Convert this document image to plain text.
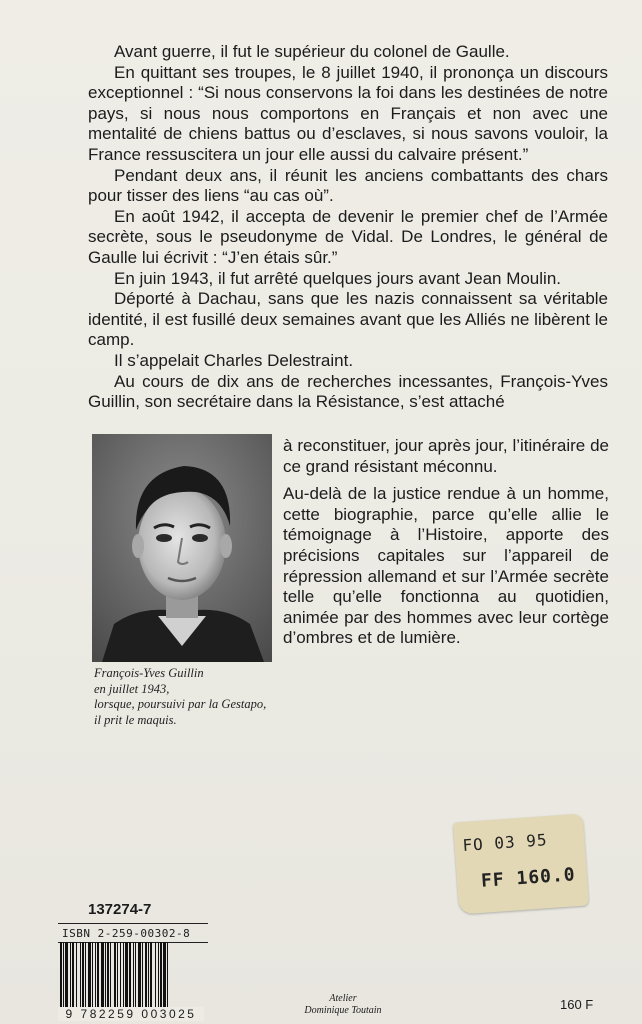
Avant guerre, il fut le supérieur du colonel de Gaulle.

En quittant ses troupes, le 8 juillet 1940, il prononça un discours exceptionnel : “Si nous conservons la foi dans les destinées de notre pays, si nous nous comportons en Français et non avec une mentalité de chiens battus ou d’esclaves, si nous savons vouloir, la France ressuscitera un jour elle aussi du calvaire présent.”

Pendant deux ans, il réunit les anciens combattants des chars pour tisser des liens “au cas où”.

En août 1942, il accepta de devenir le premier chef de l’Armée secrète, sous le pseudonyme de Vidal. De Londres, le général de Gaulle lui écrivit : “J’en étais sûr.”

En juin 1943, il fut arrêté quelques jours avant Jean Moulin.

Déporté à Dachau, sans que les nazis connaissent sa véritable identité, il est fusillé deux semaines avant que les Alliés ne libèrent le camp.

Il s’appelait Charles Delestraint.

Au cours de dix ans de recherches incessantes, François-Yves Guillin, son secrétaire dans la Résistance, s’est attaché

à reconstituer, jour après jour, l’itinéraire de ce grand résistant méconnu.

Au-delà de la justice rendue à un homme, cette biographie, parce qu’elle allie le témoignage à l’Histoire, apporte des précisions capitales sur l’appareil de répression allemand et sur l’Armée secrète telle qu’elle fonctionna au quotidien, animée par des hommes avec leur cortège d’ombres et de lumière.

François-Yves Guillin
en juillet 1943,
lorsque, poursuivi par la Gestapo,
il prit le maquis.
FO 03 95
FF 160.0
137274-7
ISBN 2-259-00302-8
9 782259 003025
Atelier
Dominique Toutain	160 F
